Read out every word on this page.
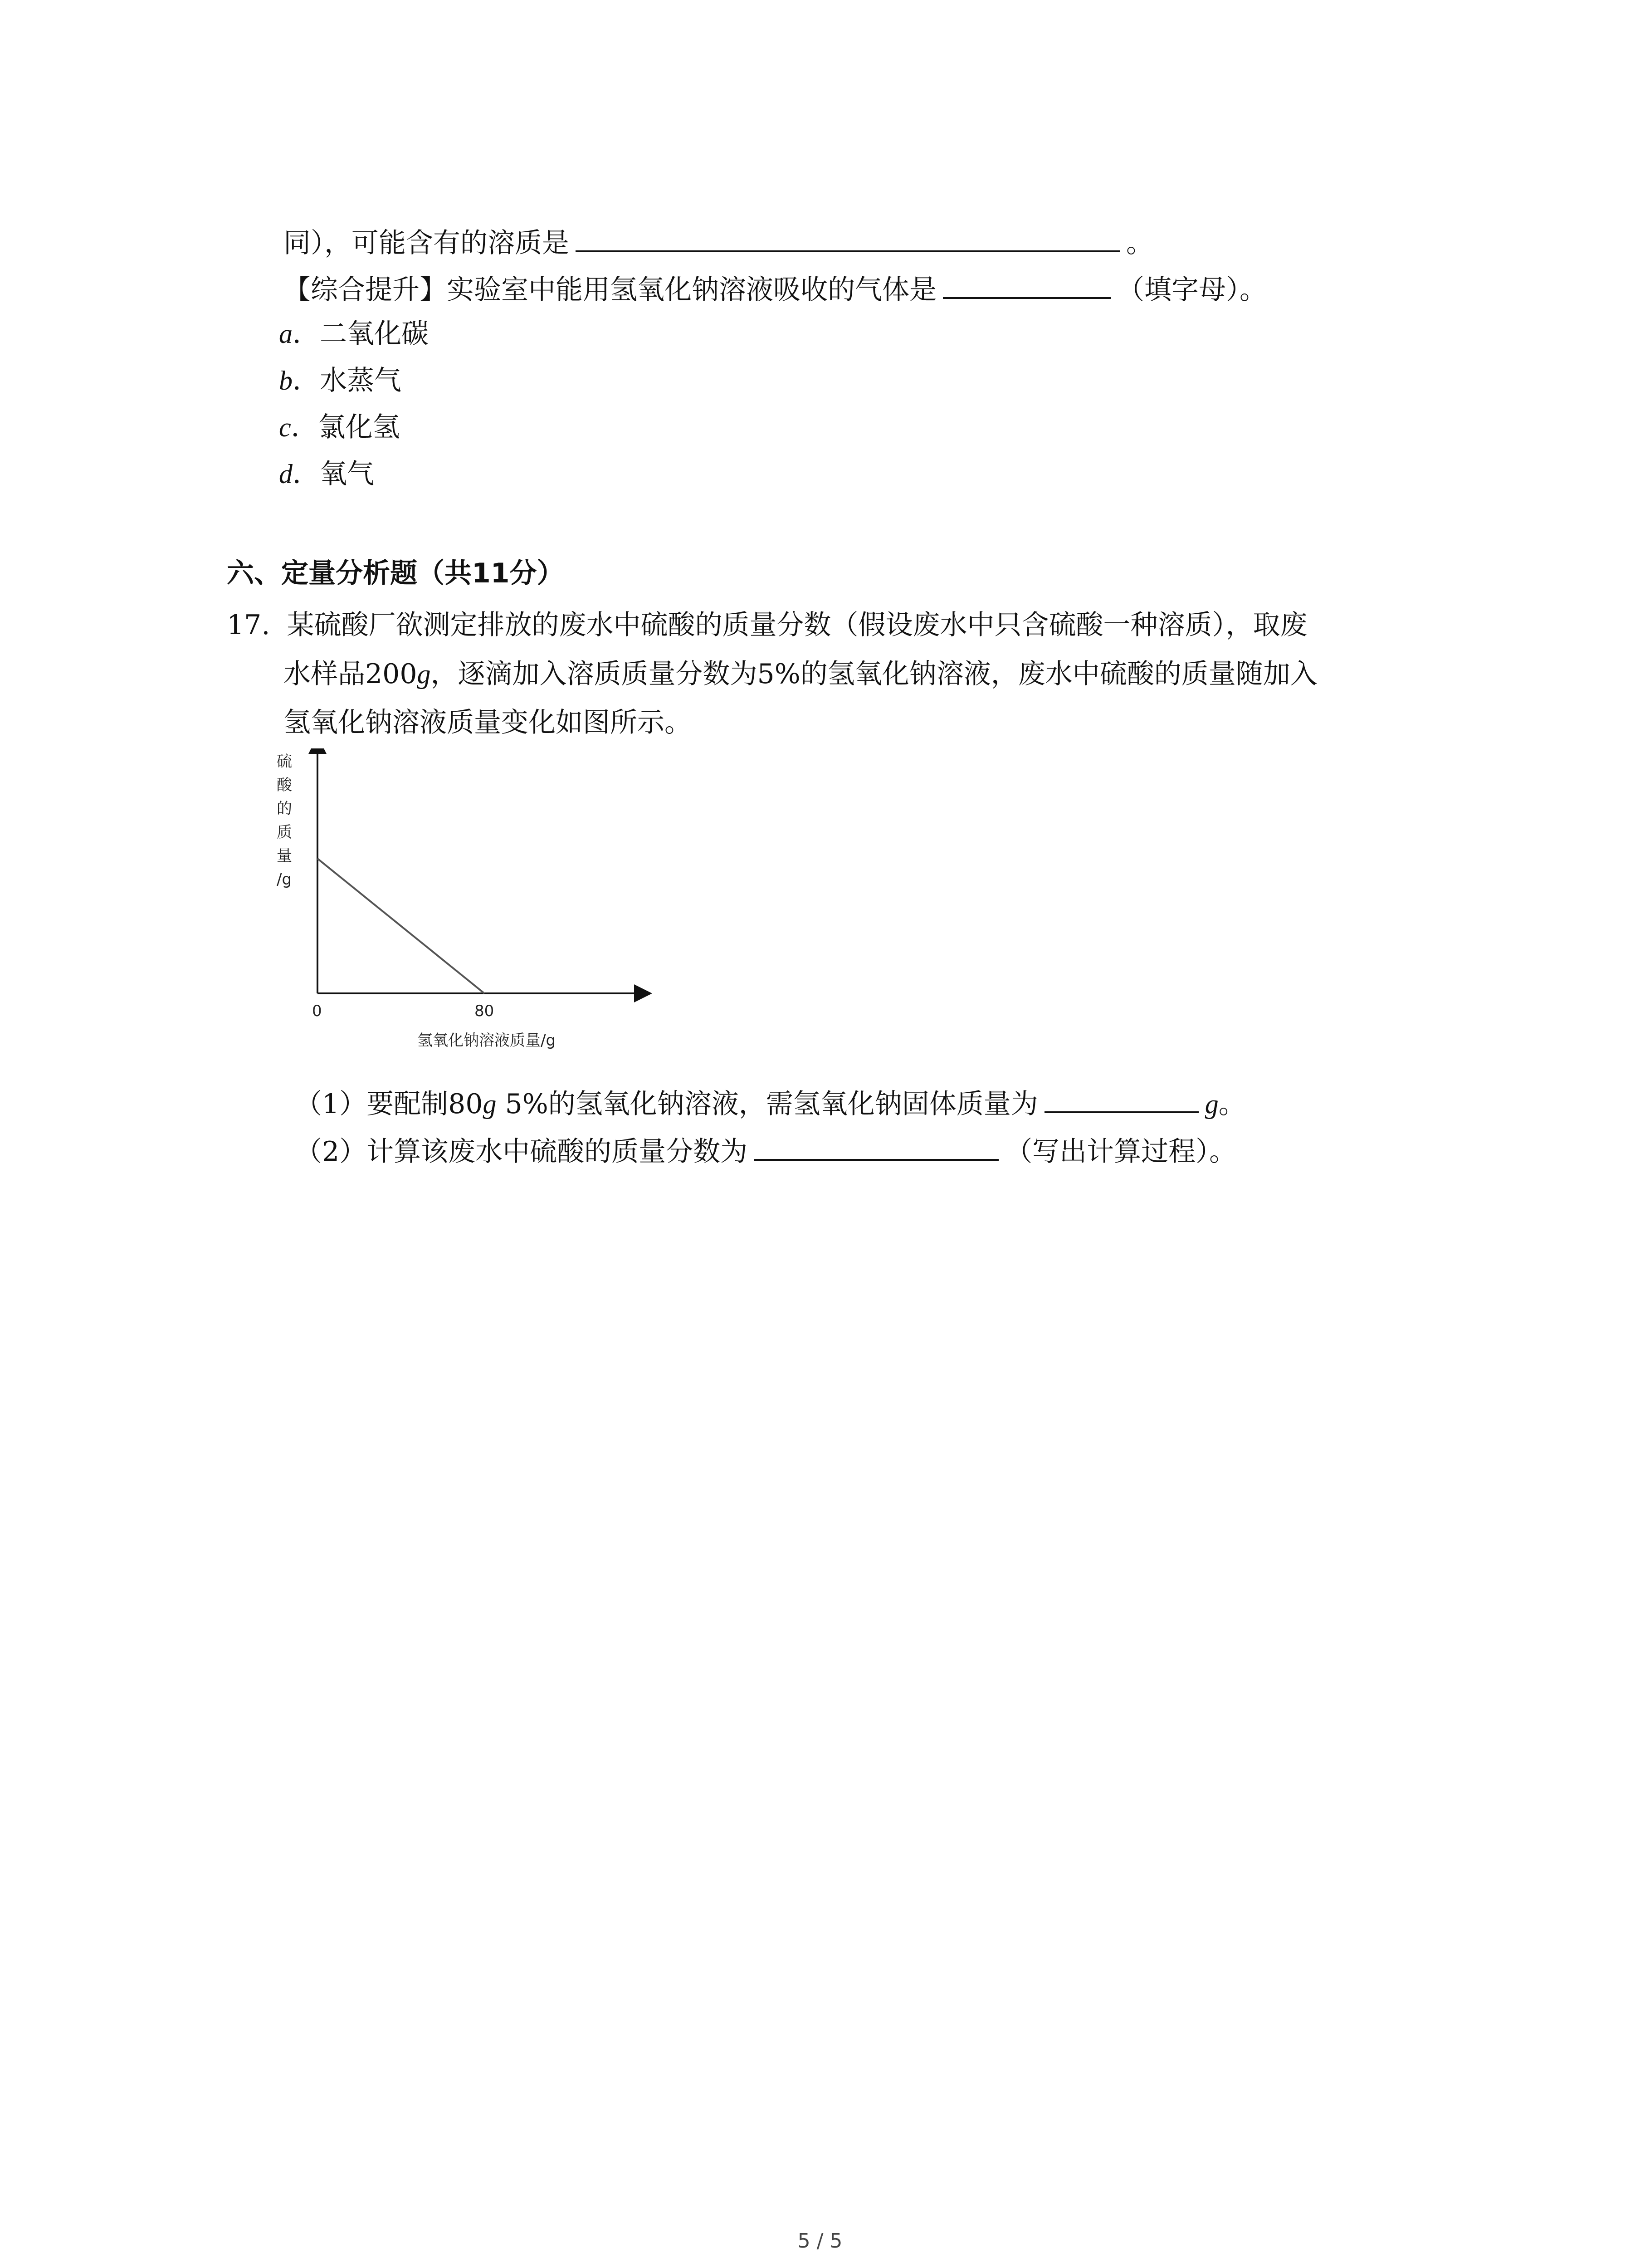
同），可能含有的溶质是	。
【综合提升】实验室中能用氢氧化钠溶液吸收的气体是	（填字母）。
a．二氧化碳
b．水蒸气
c．氯化氢
d．氧气
六、定量分析题（共11分）
17. 某硫酸厂欲测定排放的废水中硫酸的质量分数（假设废水中只含硫酸一种溶质），取废
水样品200g，逐滴加入溶质质量分数为5%的氢氧化钠溶液，废水中硫酸的质量随加入
氢氧化钠溶液质量变化如图所示。
硫
酸
的
质
量
/g
0	80
氢氧化钠溶液质量/g
（1）要配制80g 5%的氢氧化钠溶液，需氢氧化钠固体质量为	g。
（2）计算该废水中硫酸的质量分数为	（写出计算过程）。
5 / 5
